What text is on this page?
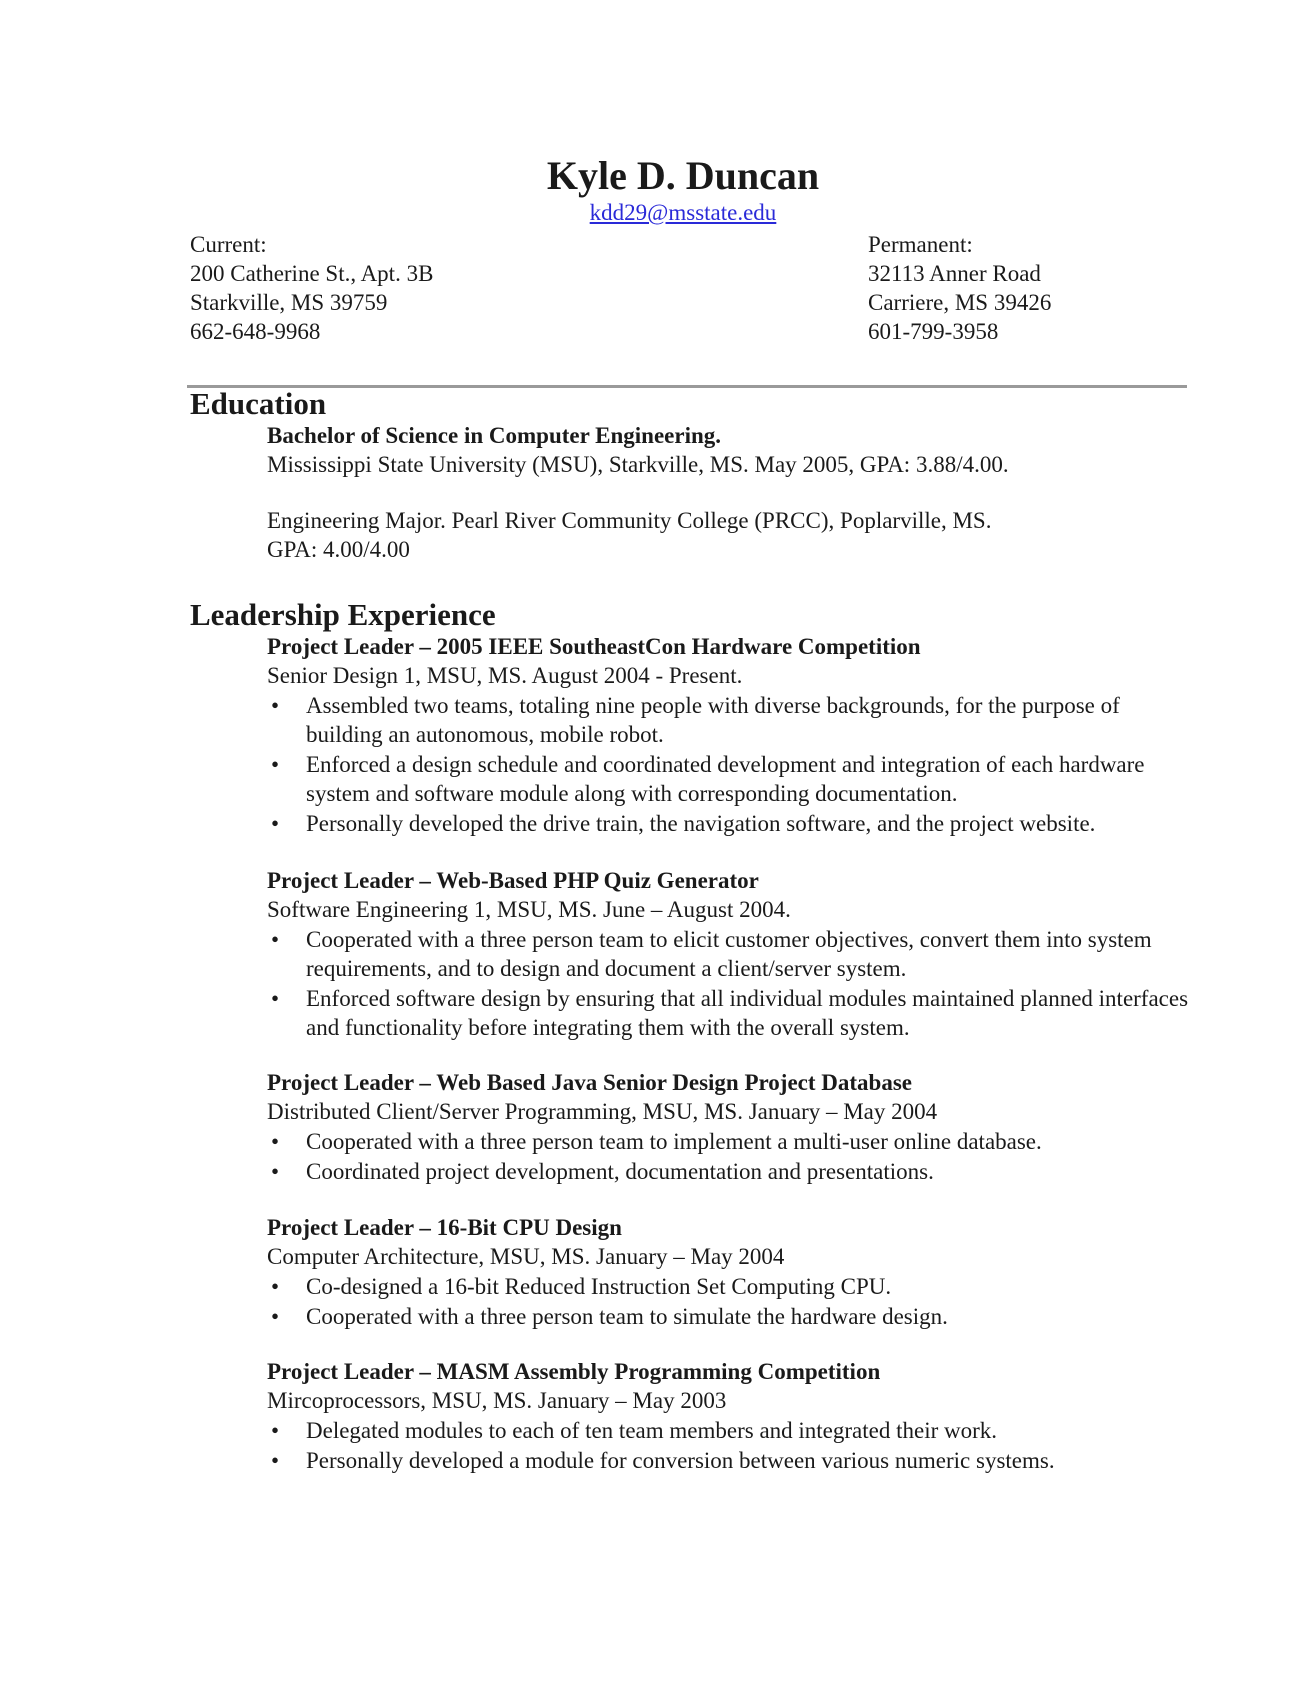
Kyle D. Duncan
kdd29@msstate.edu
Current:
200 Catherine St., Apt. 3B
Starkville, MS 39759
662-648-9968
Permanent:
32113 Anner Road
Carriere, MS 39426
601-799-3958
Education
Bachelor of Science in Computer Engineering.
Mississippi State University (MSU), Starkville, MS. May 2005, GPA: 3.88/4.00.
Engineering Major. Pearl River Community College (PRCC), Poplarville, MS.
GPA: 4.00/4.00
Leadership Experience
Project Leader – 2005 IEEE SoutheastCon Hardware Competition
Senior Design 1, MSU, MS. August 2004 - Present.
• Assembled two teams, totaling nine people with diverse backgrounds, for the purpose of building an autonomous, mobile robot.
• Enforced a design schedule and coordinated development and integration of each hardware system and software module along with corresponding documentation.
• Personally developed the drive train, the navigation software, and the project website.
Project Leader – Web-Based PHP Quiz Generator
Software Engineering 1, MSU, MS. June – August 2004.
• Cooperated with a three person team to elicit customer objectives, convert them into system requirements, and to design and document a client/server system.
• Enforced software design by ensuring that all individual modules maintained planned interfaces and functionality before integrating them with the overall system.
Project Leader – Web Based Java Senior Design Project Database
Distributed Client/Server Programming, MSU, MS. January – May 2004
• Cooperated with a three person team to implement a multi-user online database.
• Coordinated project development, documentation and presentations.
Project Leader – 16-Bit CPU Design
Computer Architecture, MSU, MS. January – May 2004
• Co-designed a 16-bit Reduced Instruction Set Computing CPU.
• Cooperated with a three person team to simulate the hardware design.
Project Leader – MASM Assembly Programming Competition
Mircoprocessors, MSU, MS. January – May 2003
• Delegated modules to each of ten team members and integrated their work.
• Personally developed a module for conversion between various numeric systems.
